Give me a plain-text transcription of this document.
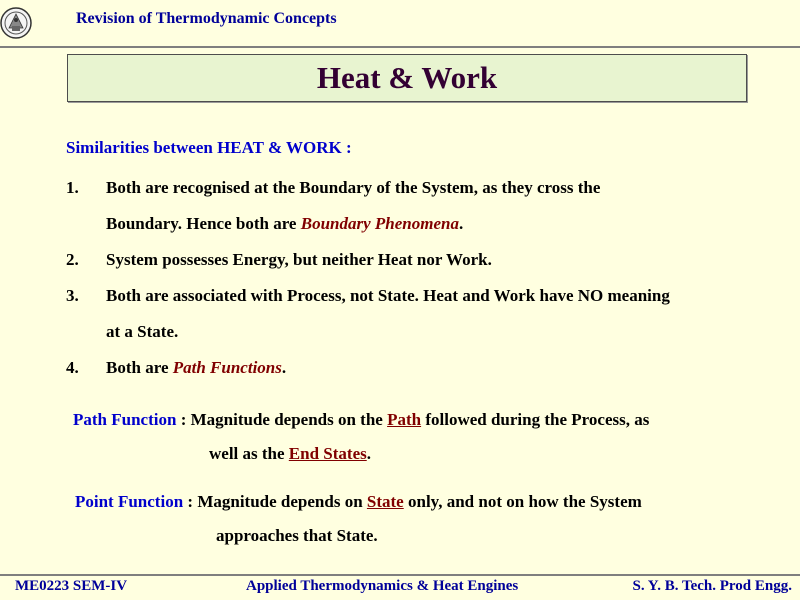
Revision of Thermodynamic Concepts
Heat & Work
Similarities between HEAT & WORK :
1.	Both are recognised at the Boundary of the System, as they cross the
Boundary. Hence both are Boundary Phenomena.
2.	System possesses Energy, but neither Heat nor Work.
3.	Both are associated with Process, not State. Heat and Work have NO meaning
at a State.
4.	Both are Path Functions.
Path Function : Magnitude depends on the Path followed during the Process, as
well as the End States.
Point Function : Magnitude depends on State only, and not on how the System
approaches that State.
ME0223 SEM-IV	Applied Thermodynamics & Heat Engines	S. Y. B. Tech. Prod Engg.
